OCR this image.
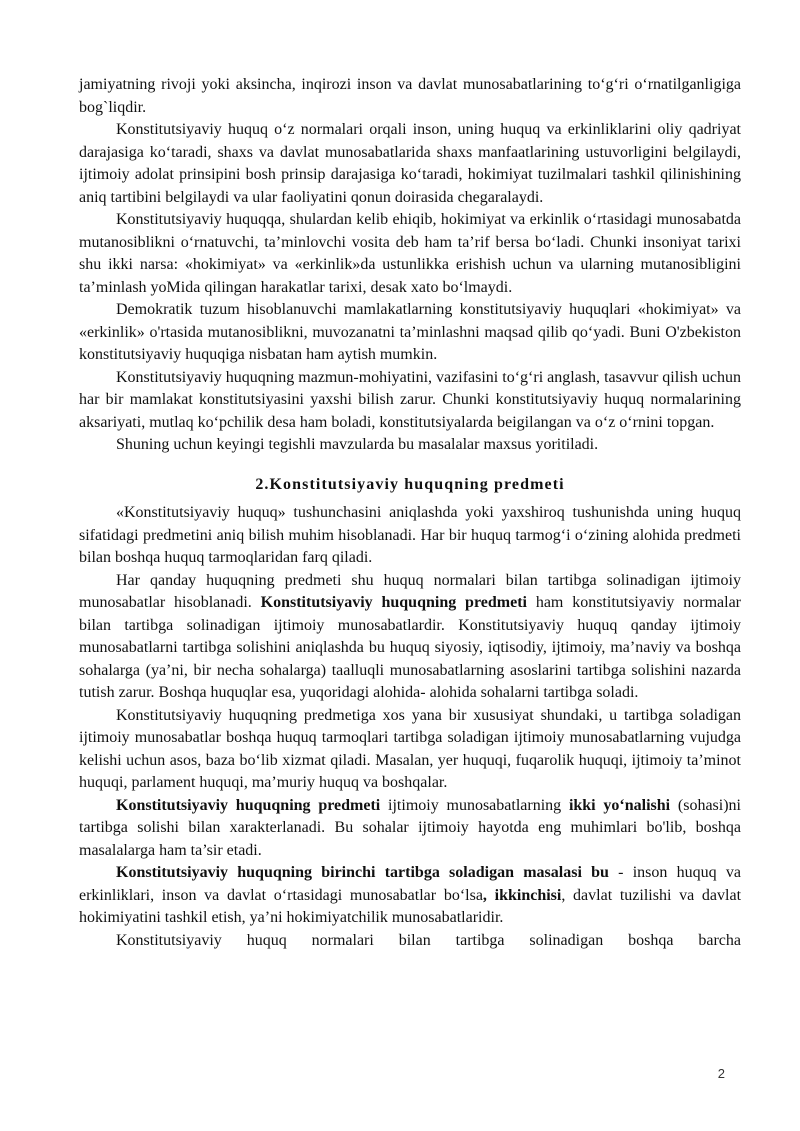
jamiyatning rivoji yoki aksincha, inqirozi inson va davlat munosabatlarining to‘g‘ri o‘rnatilganligiga bog`liqdir.

Konstitutsiyaviy huquq o‘z normalari orqali inson, uning huquq va erkinliklarini oliy qadriyat darajasiga ko‘taradi, shaxs va davlat munosabatlarida shaxs manfaatlarining ustuvorligini belgilaydi, ijtimoiy adolat prinsipini bosh prinsip darajasiga ko‘taradi, hokimiyat tuzilmalari tashkil qilinishining aniq tartibini belgilaydi va ular faoliyatini qonun doirasida chegaralaydi.

Konstitutsiyaviy huquqqa, shulardan kelib ehiqib, hokimiyat va erkinlik o‘rtasidagi munosabatda mutanosiblikni o‘rnatuvchi, ta’minlovchi vosita deb ham ta’rif bersa bo‘ladi. Chunki insoniyat tarixi shu ikki narsa: «hokimiyat» va «erkinlik»da ustunlikka erishish uchun va ularning mutanosibligini ta’minlash yoMida qilingan harakatlar tarixi, desak xato bo‘lmaydi.

Demokratik tuzum hisoblanuvchi mamlakatlarning konstitutsiyaviy huquqlari «hokimiyat» va «erkinlik» o'rtasida mutanosiblikni, muvozanatni ta’minlashni maqsad qilib qo‘yadi. Buni O'zbekiston konstitutsiyaviy huquqiga nisbatan ham aytish mumkin.

Konstitutsiyaviy huquqning mazmun-mohiyatini, vazifasini to‘g‘ri anglash, tasavvur qilish uchun har bir mamlakat konstitutsiyasini yaxshi bilish zarur. Chunki konstitutsiyaviy huquq normalarining aksariyati, mutlaq ko‘pchilik desa ham boladi, konstitutsiyalarda beigilangan va o‘z o‘rnini topgan.

Shuning uchun keyingi tegishli mavzularda bu masalalar maxsus yoritiladi.

2.Konstitutsiyaviy huquqning predmeti

«Konstitutsiyaviy huquq» tushunchasini aniqlashda yoki yaxshiroq tushunishda uning huquq sifatidagi predmetini aniq bilish muhim hisoblanadi. Har bir huquq tarmog‘i o‘zining alohida predmeti bilan boshqa huquq tarmoqlaridan farq qiladi.

Har qanday huquqning predmeti shu huquq normalari bilan tartibga solinadigan ijtimoiy munosabatlar hisoblanadi. Konstitutsiyaviy huquqning predmeti ham konstitutsiyaviy normalar bilan tartibga solinadigan ijtimoiy munosabatlardir. Konstitutsiyaviy huquq qanday ijtimoiy munosabatlarni tartibga solishini aniqlashda bu huquq siyosiy, iqtisodiy, ijtimoiy, ma’naviy va boshqa sohalarga (ya’ni, bir necha sohalarga) taalluqli munosabatlarning asoslarini tartibga solishini nazarda tutish zarur. Boshqa huquqlar esa, yuqoridagi alohida- alohida sohalarni tartibga soladi.

Konstitutsiyaviy huquqning predmetiga xos yana bir xususiyat shundaki, u tartibga soladigan ijtimoiy munosabatlar boshqa huquq tarmoqlari tartibga soladigan ijtimoiy munosabatlarning vujudga kelishi uchun asos, baza bo‘lib xizmat qiladi. Masalan, yer huquqi, fuqarolik huquqi, ijtimoiy ta’minot huquqi, parlament huquqi, ma’muriy huquq va boshqalar.

Konstitutsiyaviy huquqning predmeti ijtimoiy munosabatlarning ikki yo‘nalishi (sohasi)ni tartibga solishi bilan xarakterlanadi. Bu sohalar ijtimoiy hayotda eng muhimlari bo'lib, boshqa masalalarga ham ta’sir etadi.

Konstitutsiyaviy huquqning birinchi tartibga soladigan masalasi bu - inson huquq va erkinliklari, inson va davlat o‘rtasidagi munosabatlar bo‘lsa, ikkinchisi, davlat tuzilishi va davlat hokimiyatini tashkil etish, ya’ni hokimiyatchilik munosabatlaridir.

Konstitutsiyaviy huquq normalari bilan tartibga solinadigan boshqa barcha

2
